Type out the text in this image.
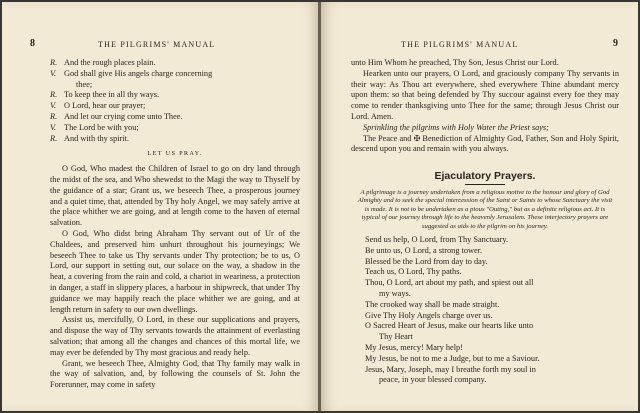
8	THE PILGRIMS' MANUAL
R. And the rough places plain.
V. God shall give His angels charge concerning
thee;
R. To keep thee in all thy ways.
V. O Lord, hear our prayer;
R. And let our crying come unto Thee.
V. The Lord be with you;
R. And with thy spirit.
LET US PRAY.

O God, Who madest the Children of Israel to go on dry land through the midst of the sea, and Who shewedst to the Magi the way to Thyself by the guidance of a star; Grant us, we beseech Thee, a prosperous journey and a quiet time, that, attended by Thy holy Angel, we may safely arrive at the place whither we are going, and at length come to the haven of eternal salvation.

O God, Who didst bring Abraham Thy servant out of Ur of the Chaldees, and preserved him unhurt throughout his journeyings; We beseech Thee to take us Thy servants under Thy protection; be to us, O Lord, our support in setting out, our solace on the way, a shadow in the heat, a covering from the rain and cold, a chariot in weariness, a protection in danger, a staff in slippery places, a harbour in shipwreck, that under Thy guidance we may happily reach the place whither we are going, and at length return in safety to our own dwellings.

Assist us, mercifully, O Lord, in these our supplications and prayers, and dispose the way of Thy servants towards the attainment of everlasting salvation; that among all the changes and chances of this mortal life, we may ever be defended by Thy most gracious and ready help.

Grant, we beseech Thee, Almighty God, that Thy family may walk in the way of salvation, and, by following the counsels of St. John the Forerunner, may come in safety

THE PILGRIMS' MANUAL	9

unto Him Whom he preached, Thy Son, Jesus Christ our Lord.

Hearken unto our prayers, O Lord, and graciously company Thy servants in their way: As Thou art everywhere, shed everywhere Thine abundant mercy upon them: so that being defended by Thy succour against every foe they may come to render thanksgiving unto Thee for the same; through Jesus Christ our Lord. Amen.

Sprinkling the pilgrims with Holy Water the Priest says;

The Peace and ✠ Benediction of Almighty God, Father, Son and Holy Spirit, descend upon you and remain with you always.

Ejaculatory Prayers.
A pilgrimage is a journey undertaken from a religious motive to the honour and glory of God Almighty and to seek the special intercession of the Saint or Saints to whose Sanctuary the visit is made. It is not to be undertaken as a pious "Outing," but as a definite religious act. It is typical of our journey through life to the heavenly Jerusalem. These interjectory prayers are suggested as aids to the pilgrim on his journey.
Send us help, O Lord, from Thy Sanctuary.
Be unto us, O Lord, a strong tower.
Blessed be the Lord from day to day.
Teach us, O Lord, Thy paths.
Thou, O Lord, art about my path, and spiest out all
my ways.
The crooked way shall be made straight.
Give Thy Holy Angels charge over us.
O Sacred Heart of Jesus, make our hearts like unto
Thy Heart
My Jesus, mercy! Mary help!
My Jesus, be not to me a Judge, but to me a Saviour.
Jesus, Mary, Joseph, may I breathe forth my soul in
peace, in your blessed company.
